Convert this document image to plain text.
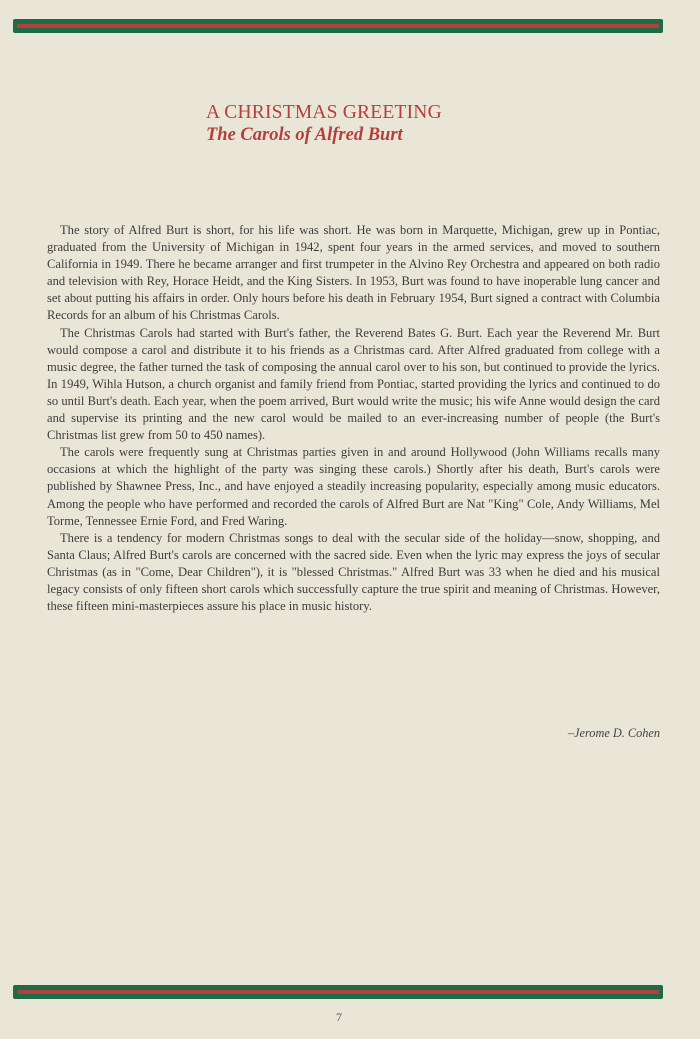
A CHRISTMAS GREETING
The Carols of Alfred Burt

The story of Alfred Burt is short, for his life was short. He was born in Marquette, Michigan, grew up in Pontiac, graduated from the University of Michigan in 1942, spent four years in the armed services, and moved to southern California in 1949. There he became arranger and first trumpeter in the Alvino Rey Orchestra and appeared on both radio and television with Rey, Horace Heidt, and the King Sisters. In 1953, Burt was found to have inoperable lung cancer and set about putting his affairs in order. Only hours before his death in February 1954, Burt signed a contract with Columbia Records for an album of his Christmas Carols.

The Christmas Carols had started with Burt's father, the Reverend Bates G. Burt. Each year the Reverend Mr. Burt would compose a carol and distribute it to his friends as a Christmas card. After Alfred graduated from college with a music degree, the father turned the task of composing the annual carol over to his son, but continued to provide the lyrics. In 1949, Wihla Hutson, a church organist and family friend from Pontiac, started providing the lyrics and continued to do so until Burt's death. Each year, when the poem arrived, Burt would write the music; his wife Anne would design the card and supervise its printing and the new carol would be mailed to an ever-increasing number of people (the Burt's Christmas list grew from 50 to 450 names).

The carols were frequently sung at Christmas parties given in and around Hollywood (John Williams recalls many occasions at which the highlight of the party was singing these carols.) Shortly after his death, Burt's carols were published by Shawnee Press, Inc., and have enjoyed a steadily increasing popularity, especially among music educators. Among the people who have performed and recorded the carols of Alfred Burt are Nat "King" Cole, Andy Williams, Mel Torme, Tennessee Ernie Ford, and Fred Waring.

There is a tendency for modern Christmas songs to deal with the secular side of the holiday—snow, shopping, and Santa Claus; Alfred Burt's carols are concerned with the sacred side. Even when the lyric may express the joys of secular Christmas (as in "Come, Dear Children"), it is "blessed Christmas." Alfred Burt was 33 when he died and his musical legacy consists of only fifteen short carols which successfully capture the true spirit and meaning of Christmas. However, these fifteen mini-masterpieces assure his place in music history.

–Jerome D. Cohen
7
